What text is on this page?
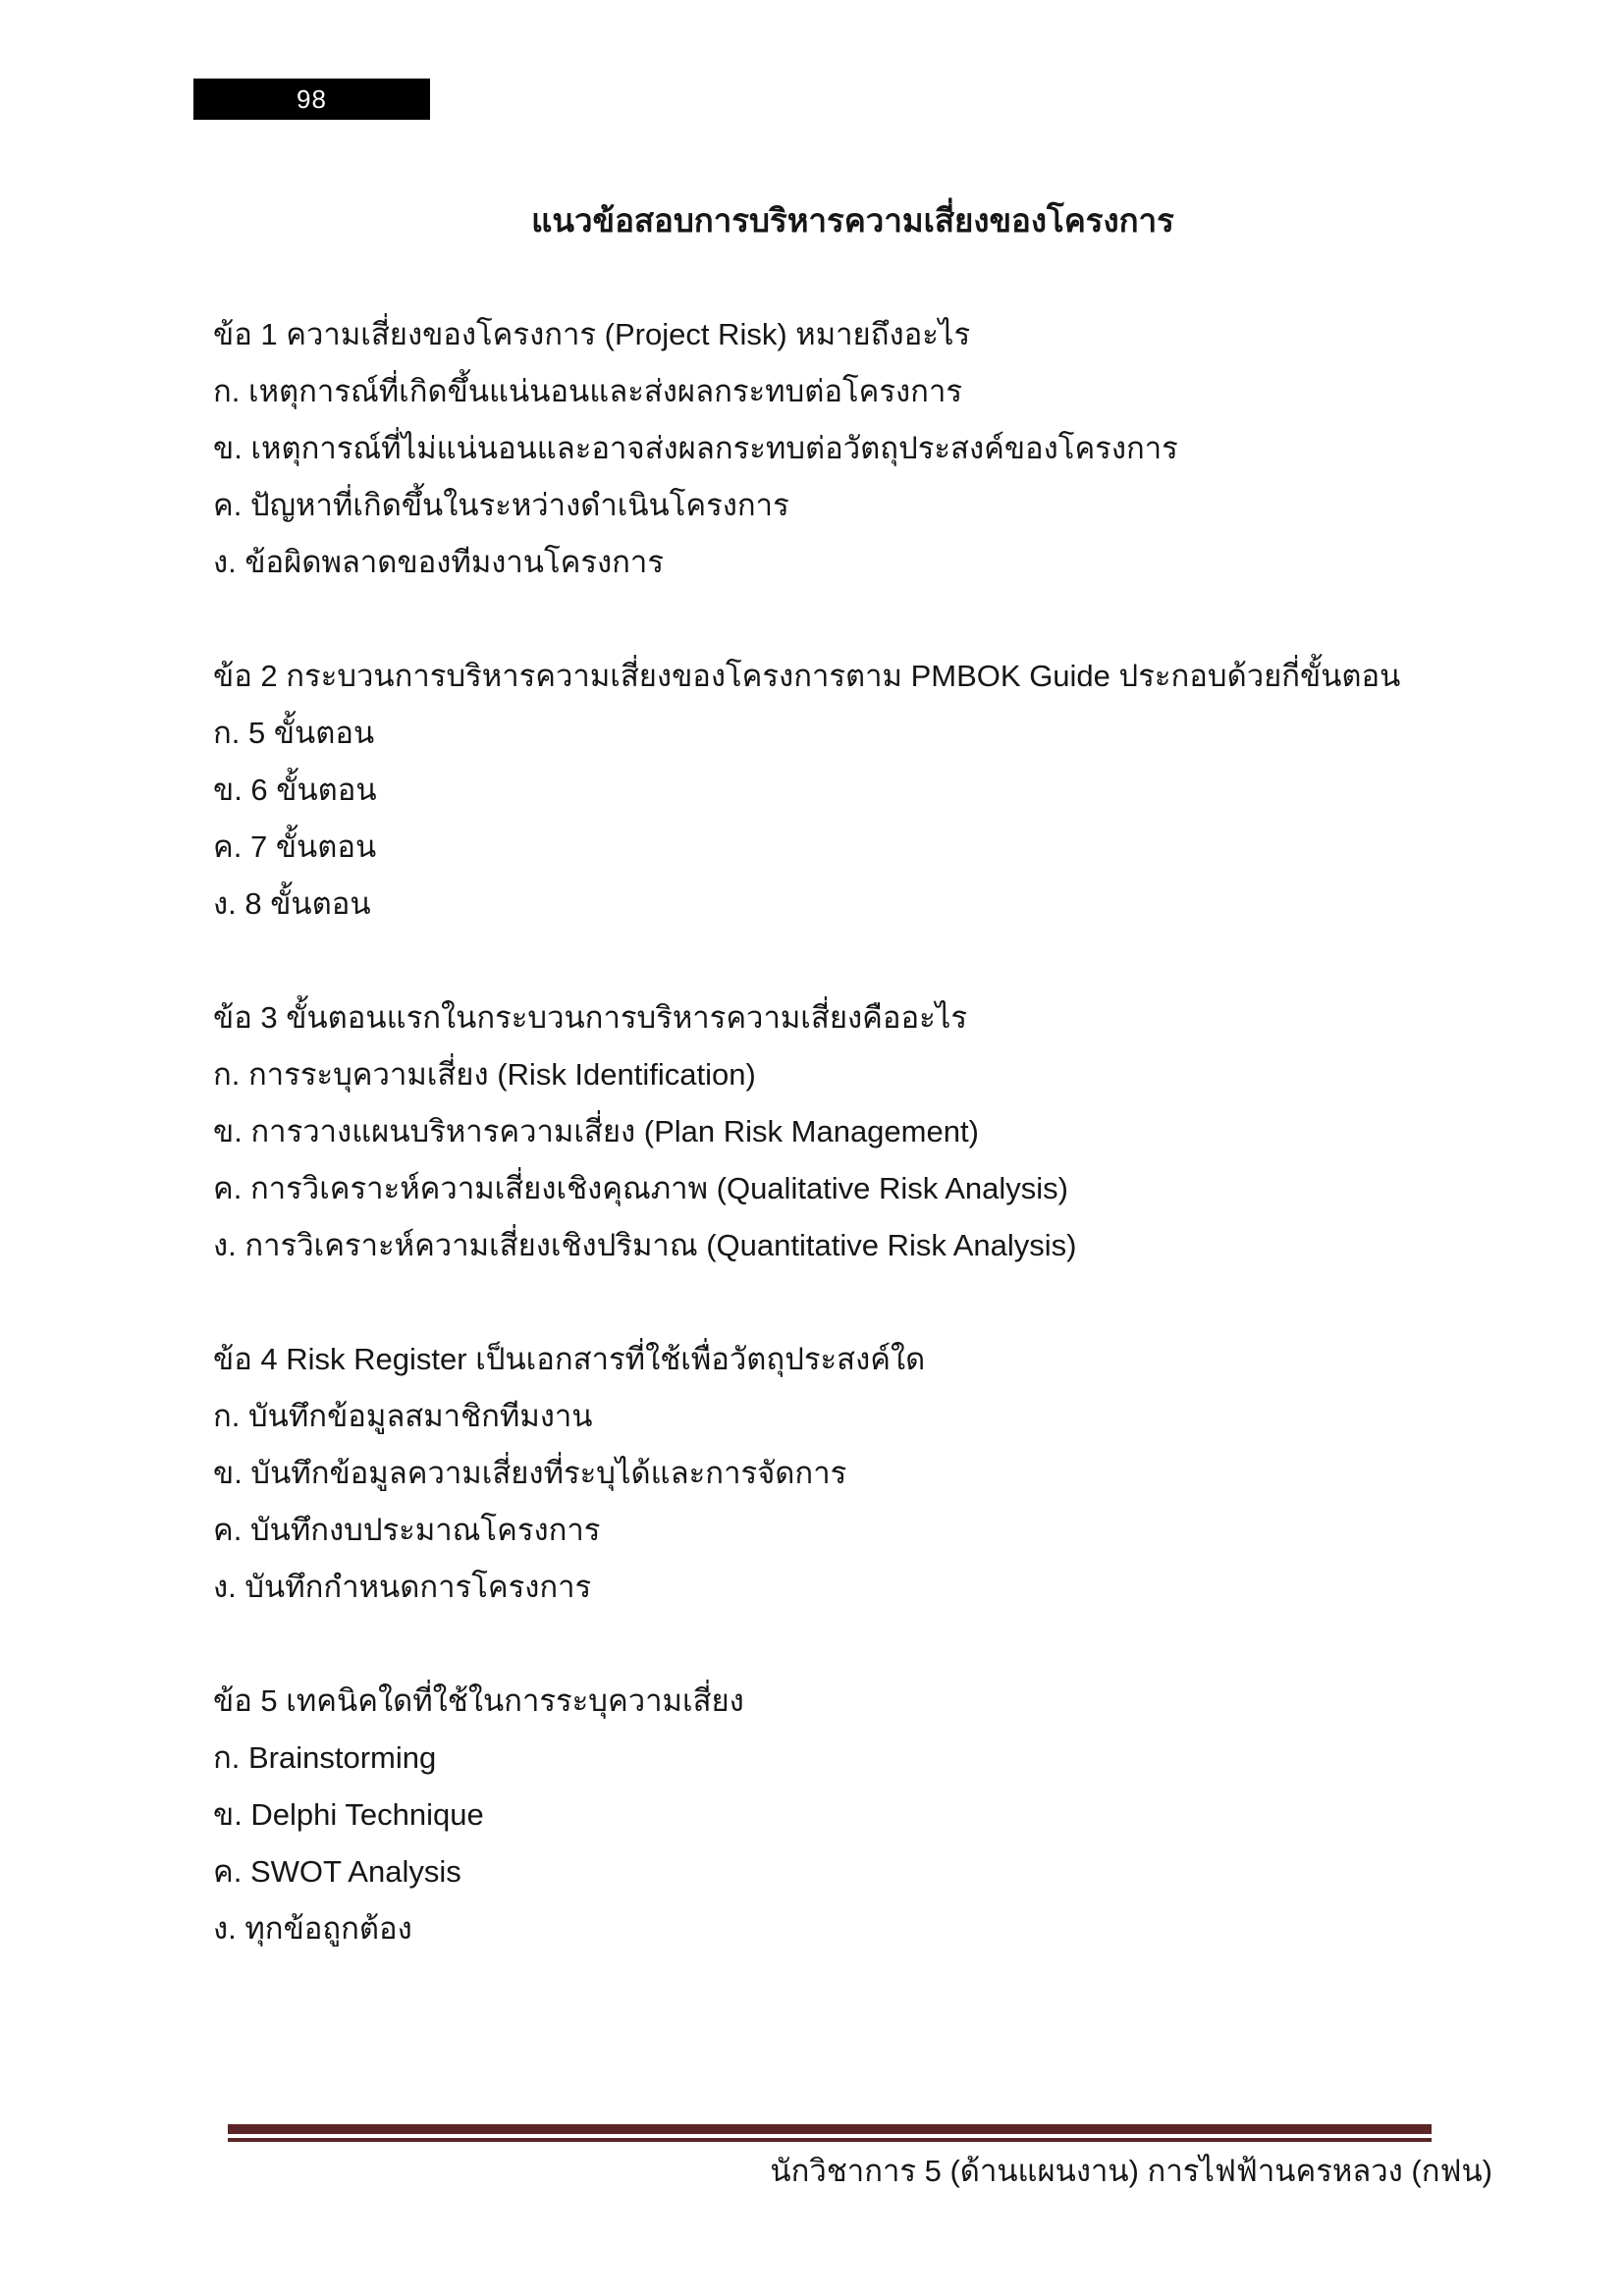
98
แนวข้อสอบการบริหารความเสี่ยงของโครงการ

ข้อ 1 ความเสี่ยงของโครงการ (Project Risk) หมายถึงอะไร

ก. เหตุการณ์ที่เกิดขึ้นแน่นอนและส่งผลกระทบต่อโครงการ

ข. เหตุการณ์ที่ไม่แน่นอนและอาจส่งผลกระทบต่อวัตถุประสงค์ของโครงการ

ค. ปัญหาที่เกิดขึ้นในระหว่างดำเนินโครงการ

ง. ข้อผิดพลาดของทีมงานโครงการ

ข้อ 2 กระบวนการบริหารความเสี่ยงของโครงการตาม PMBOK Guide ประกอบด้วยกี่ขั้นตอน

ก. 5 ขั้นตอน

ข. 6 ขั้นตอน

ค. 7 ขั้นตอน

ง. 8 ขั้นตอน

ข้อ 3 ขั้นตอนแรกในกระบวนการบริหารความเสี่ยงคืออะไร

ก. การระบุความเสี่ยง (Risk Identification)

ข. การวางแผนบริหารความเสี่ยง (Plan Risk Management)

ค. การวิเคราะห์ความเสี่ยงเชิงคุณภาพ (Qualitative Risk Analysis)

ง. การวิเคราะห์ความเสี่ยงเชิงปริมาณ (Quantitative Risk Analysis)

ข้อ 4 Risk Register เป็นเอกสารที่ใช้เพื่อวัตถุประสงค์ใด

ก. บันทึกข้อมูลสมาชิกทีมงาน

ข. บันทึกข้อมูลความเสี่ยงที่ระบุได้และการจัดการ

ค. บันทึกงบประมาณโครงการ

ง. บันทึกกำหนดการโครงการ

ข้อ 5 เทคนิคใดที่ใช้ในการระบุความเสี่ยง

ก. Brainstorming

ข. Delphi Technique

ค. SWOT Analysis

ง. ทุกข้อถูกต้อง

นักวิชาการ 5 (ด้านแผนงาน) การไฟฟ้านครหลวง (กฟน)
